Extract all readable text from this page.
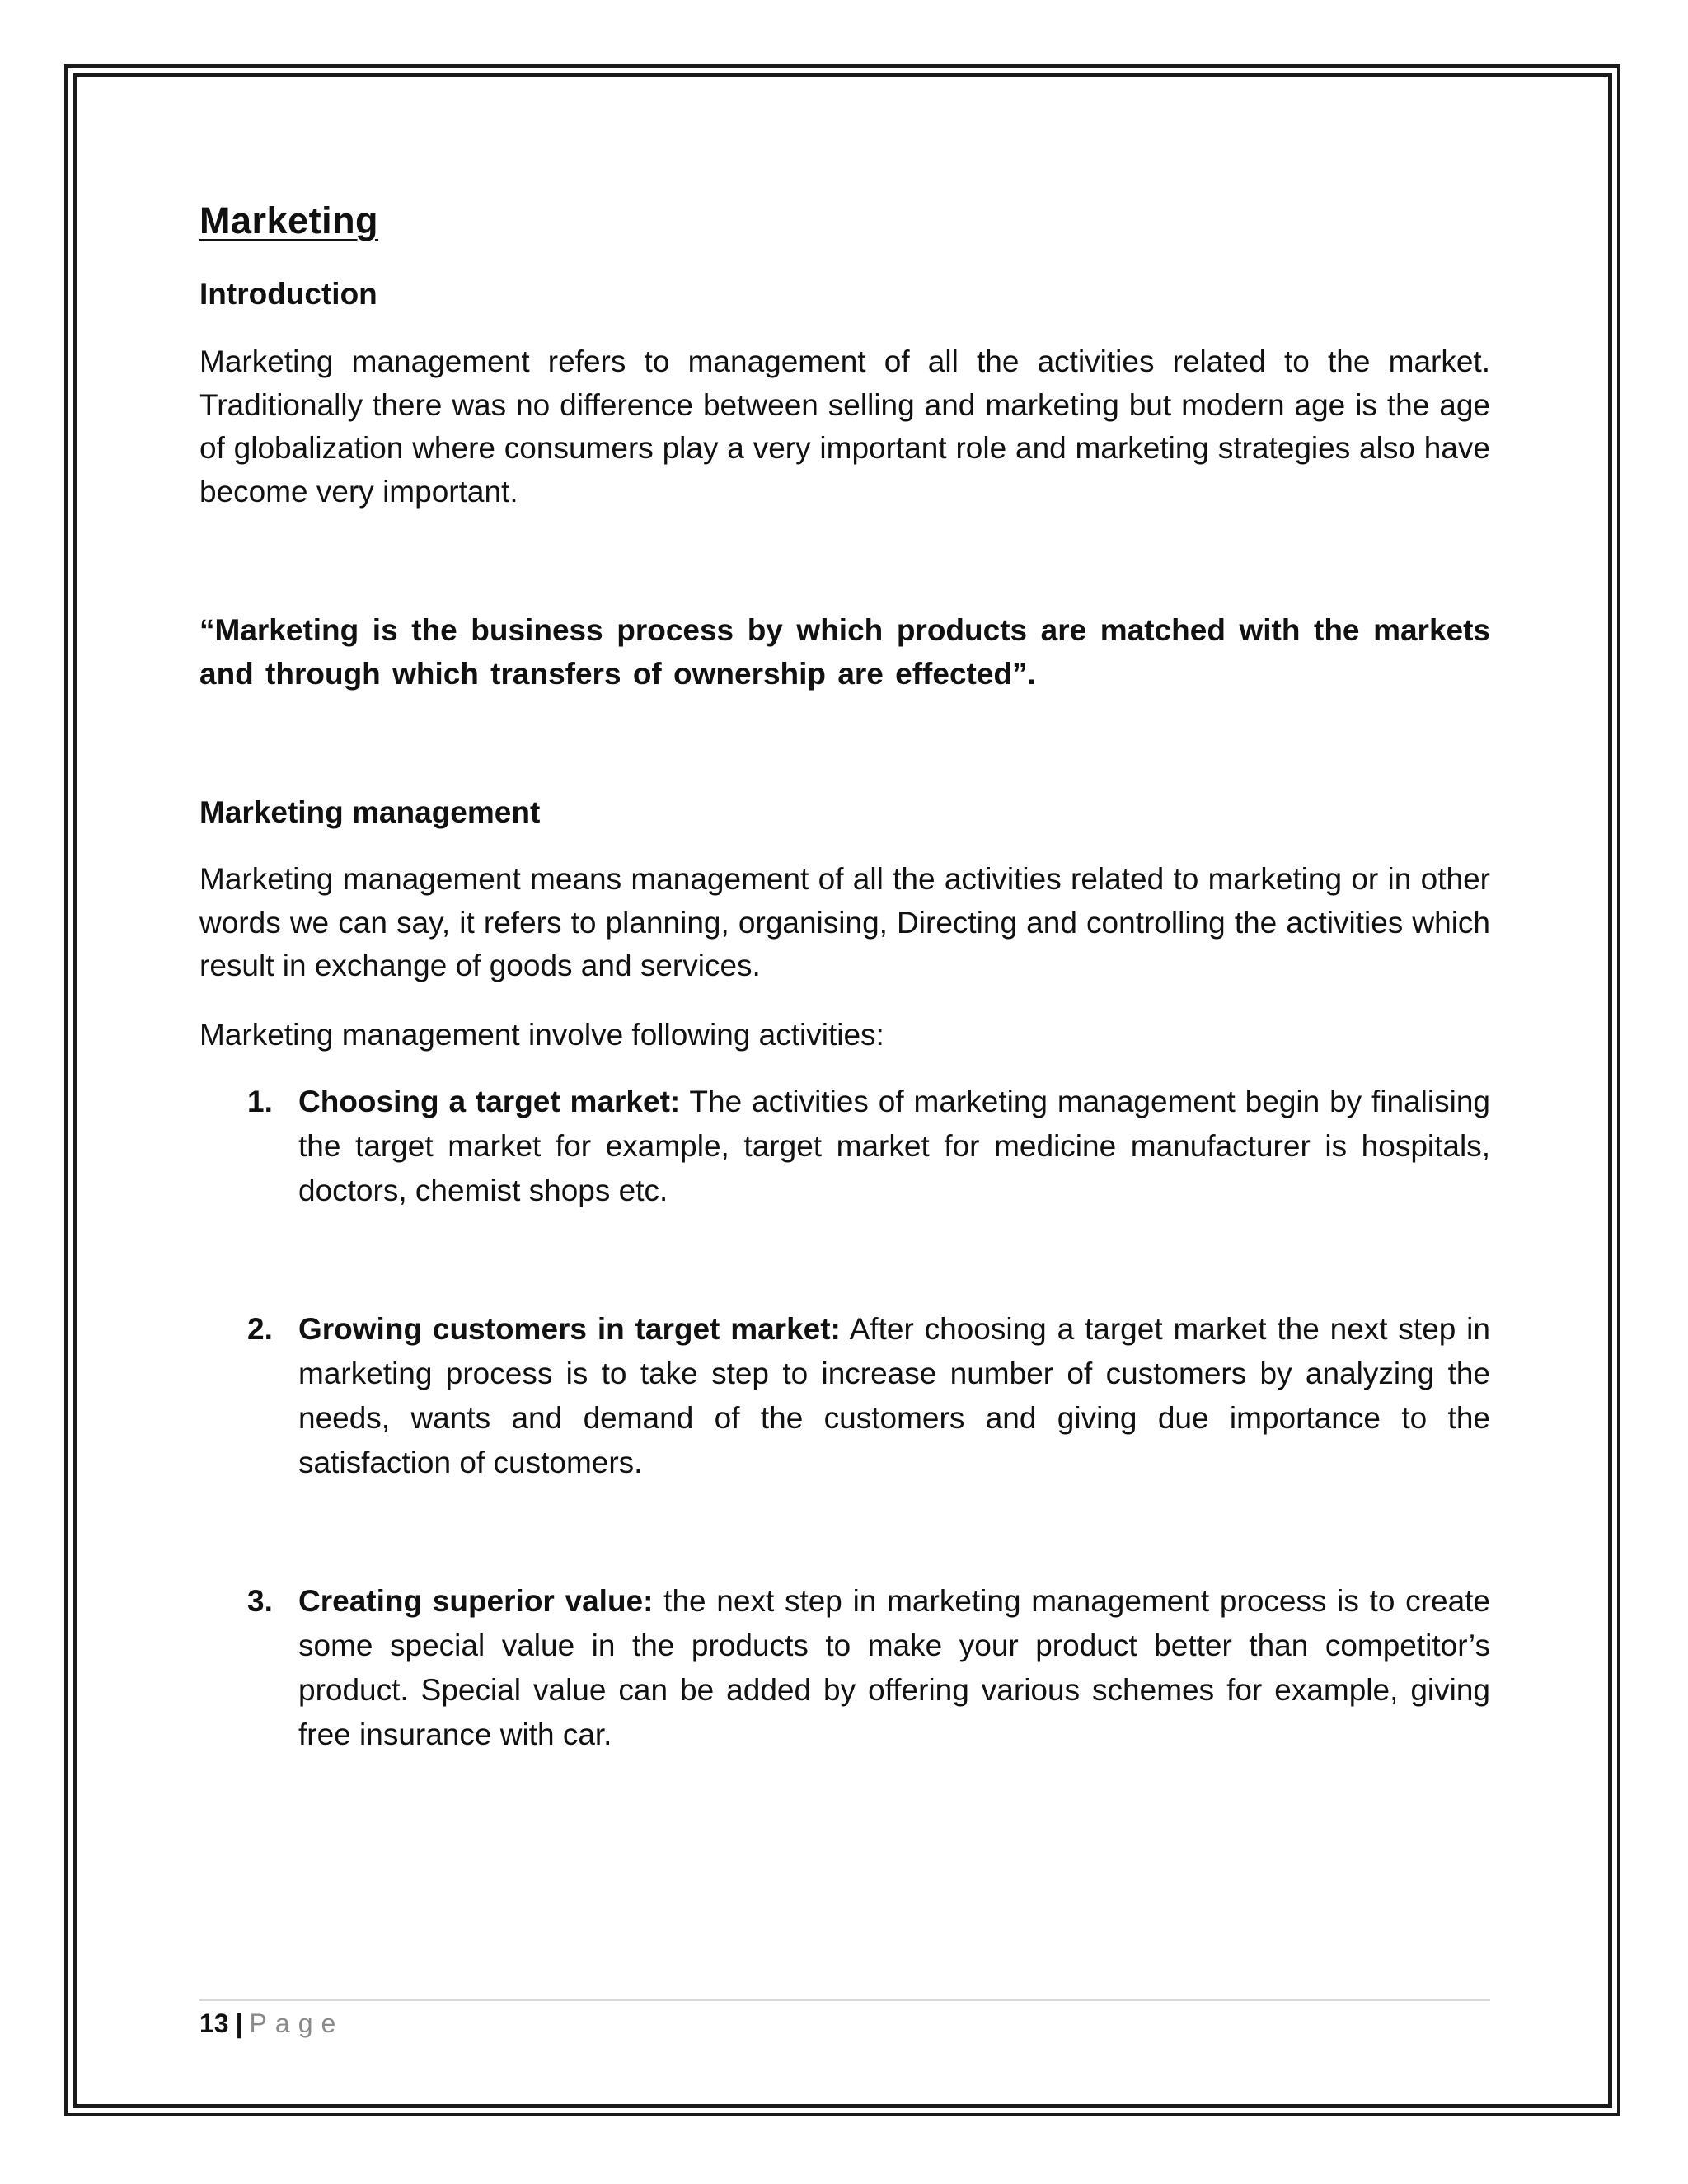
Marketing
Introduction

Marketing management refers to management of all the activities related to the market. Traditionally there was no difference between selling and marketing but modern age is the age of globalization where consumers play a very important role and marketing strategies also have become very important.

“Marketing is the business process by which products are matched with the markets and through which transfers of ownership are effected”.

Marketing management

Marketing management means management of all the activities related to marketing or in other words we can say, it refers to planning, organising, Directing and controlling the activities which result in exchange of goods and services.

Marketing management involve following activities:

1. Choosing a target market: The activities of marketing management begin by finalising the target market for example, target market for medicine manufacturer is hospitals, doctors, chemist shops etc.

2. Growing customers in target market: After choosing a target market the next step in marketing process is to take step to increase number of customers by analyzing the needs, wants and demand of the customers and giving due importance to the satisfaction of customers.

3. Creating superior value: the next step in marketing management process is to create some special value in the products to make your product better than competitor’s product. Special value can be added by offering various schemes for example, giving free insurance with car.

13 | Page
